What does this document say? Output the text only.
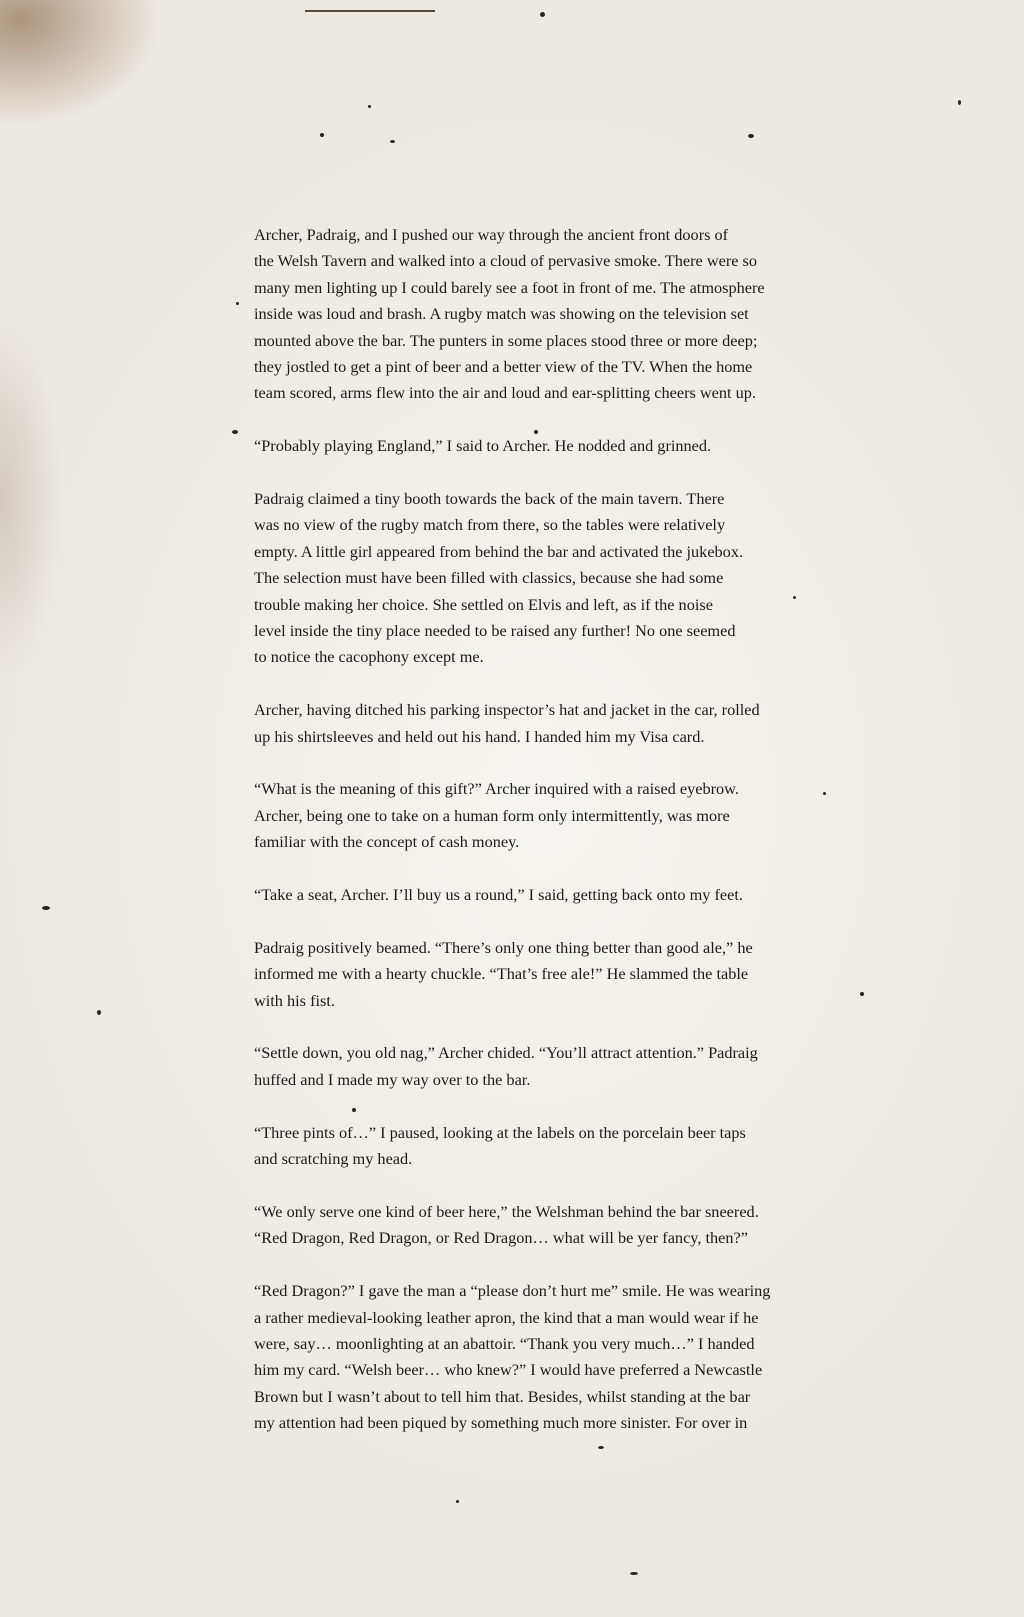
Archer, Padraig, and I pushed our way through the ancient front doors of
the Welsh Tavern and walked into a cloud of pervasive smoke. There were so
many men lighting up I could barely see a foot in front of me. The atmosphere
inside was loud and brash. A rugby match was showing on the television set
mounted above the bar. The punters in some places stood three or more deep;
they jostled to get a pint of beer and a better view of the TV. When the home
team scored, arms flew into the air and loud and ear-splitting cheers went up.

“Probably playing England,” I said to Archer. He nodded and grinned.

Padraig claimed a tiny booth towards the back of the main tavern. There
was no view of the rugby match from there, so the tables were relatively
empty. A little girl appeared from behind the bar and activated the jukebox.
The selection must have been filled with classics, because she had some
trouble making her choice. She settled on Elvis and left, as if the noise
level inside the tiny place needed to be raised any further! No one seemed
to notice the cacophony except me.

Archer, having ditched his parking inspector’s hat and jacket in the car, rolled
up his shirtsleeves and held out his hand. I handed him my Visa card.

“What is the meaning of this gift?” Archer inquired with a raised eyebrow.
Archer, being one to take on a human form only intermittently, was more
familiar with the concept of cash money.

“Take a seat, Archer. I’ll buy us a round,” I said, getting back onto my feet.

Padraig positively beamed. “There’s only one thing better than good ale,” he
informed me with a hearty chuckle. “That’s free ale!” He slammed the table
with his fist.

“Settle down, you old nag,” Archer chided. “You’ll attract attention.” Padraig
huffed and I made my way over to the bar.

“Three pints of…” I paused, looking at the labels on the porcelain beer taps
and scratching my head.

“We only serve one kind of beer here,” the Welshman behind the bar sneered.
“Red Dragon, Red Dragon, or Red Dragon… what will be yer fancy, then?”

“Red Dragon?” I gave the man a “please don’t hurt me” smile. He was wearing
a rather medieval-looking leather apron, the kind that a man would wear if he
were, say… moonlighting at an abattoir. “Thank you very much…” I handed
him my card. “Welsh beer… who knew?” I would have preferred a Newcastle
Brown but I wasn’t about to tell him that. Besides, whilst standing at the bar
my attention had been piqued by something much more sinister. For over in
